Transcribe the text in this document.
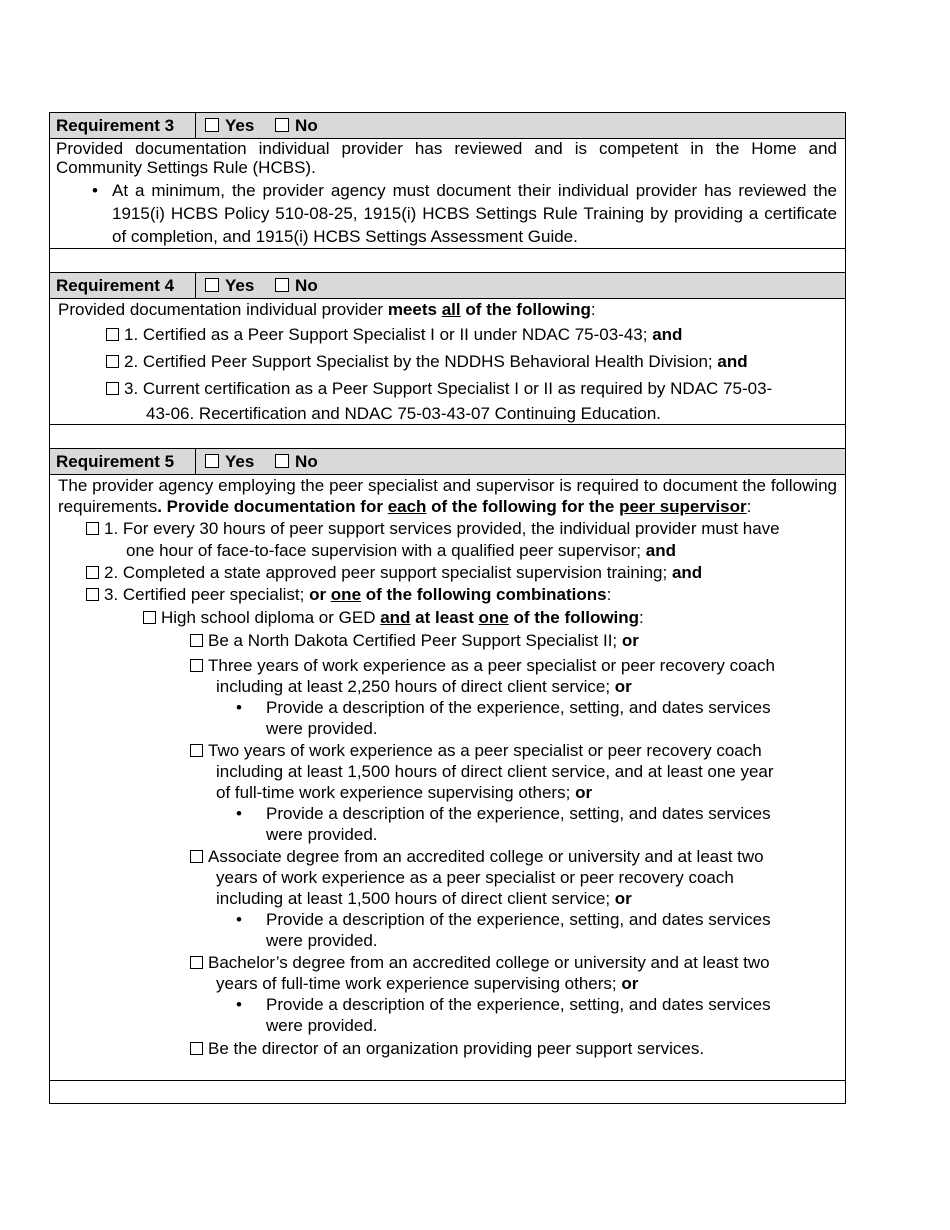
Requirement 3	Yes No
Provided documentation individual provider has reviewed and is competent in the Home and Community Settings Rule (HCBS).
• At a minimum, the provider agency must document their individual provider has reviewed the 1915(i) HCBS Policy 510-08-25, 1915(i) HCBS Settings Rule Training by providing a certificate of completion, and 1915(i) HCBS Settings Assessment Guide.
Requirement 4	Yes No
Provided documentation individual provider meets all of the following:
1. Certified as a Peer Support Specialist I or II under NDAC 75-03-43; and
2. Certified Peer Support Specialist by the NDDHS Behavioral Health Division; and
3. Current certification as a Peer Support Specialist I or II as required by NDAC 75-03-
43-06. Recertification and NDAC 75-03-43-07 Continuing Education.
Requirement 5	Yes No
The provider agency employing the peer specialist and supervisor is required to document the following requirements. Provide documentation for each of the following for the peer supervisor:
1. For every 30 hours of peer support services provided, the individual provider must have
one hour of face-to-face supervision with a qualified peer supervisor; and
2. Completed a state approved peer support specialist supervision training; and
3. Certified peer specialist; or one of the following combinations:
High school diploma or GED and at least one of the following:
Be a North Dakota Certified Peer Support Specialist II; or
Three years of work experience as a peer specialist or peer recovery coach
including at least 2,250 hours of direct client service; or
• Provide a description of the experience, setting, and dates services
were provided.
Two years of work experience as a peer specialist or peer recovery coach
including at least 1,500 hours of direct client service, and at least one year
of full-time work experience supervising others; or
• Provide a description of the experience, setting, and dates services
were provided.
Associate degree from an accredited college or university and at least two
years of work experience as a peer specialist or peer recovery coach
including at least 1,500 hours of direct client service; or
• Provide a description of the experience, setting, and dates services
were provided.
Bachelor’s degree from an accredited college or university and at least two
years of full-time work experience supervising others; or
• Provide a description of the experience, setting, and dates services
were provided.
Be the director of an organization providing peer support services.
